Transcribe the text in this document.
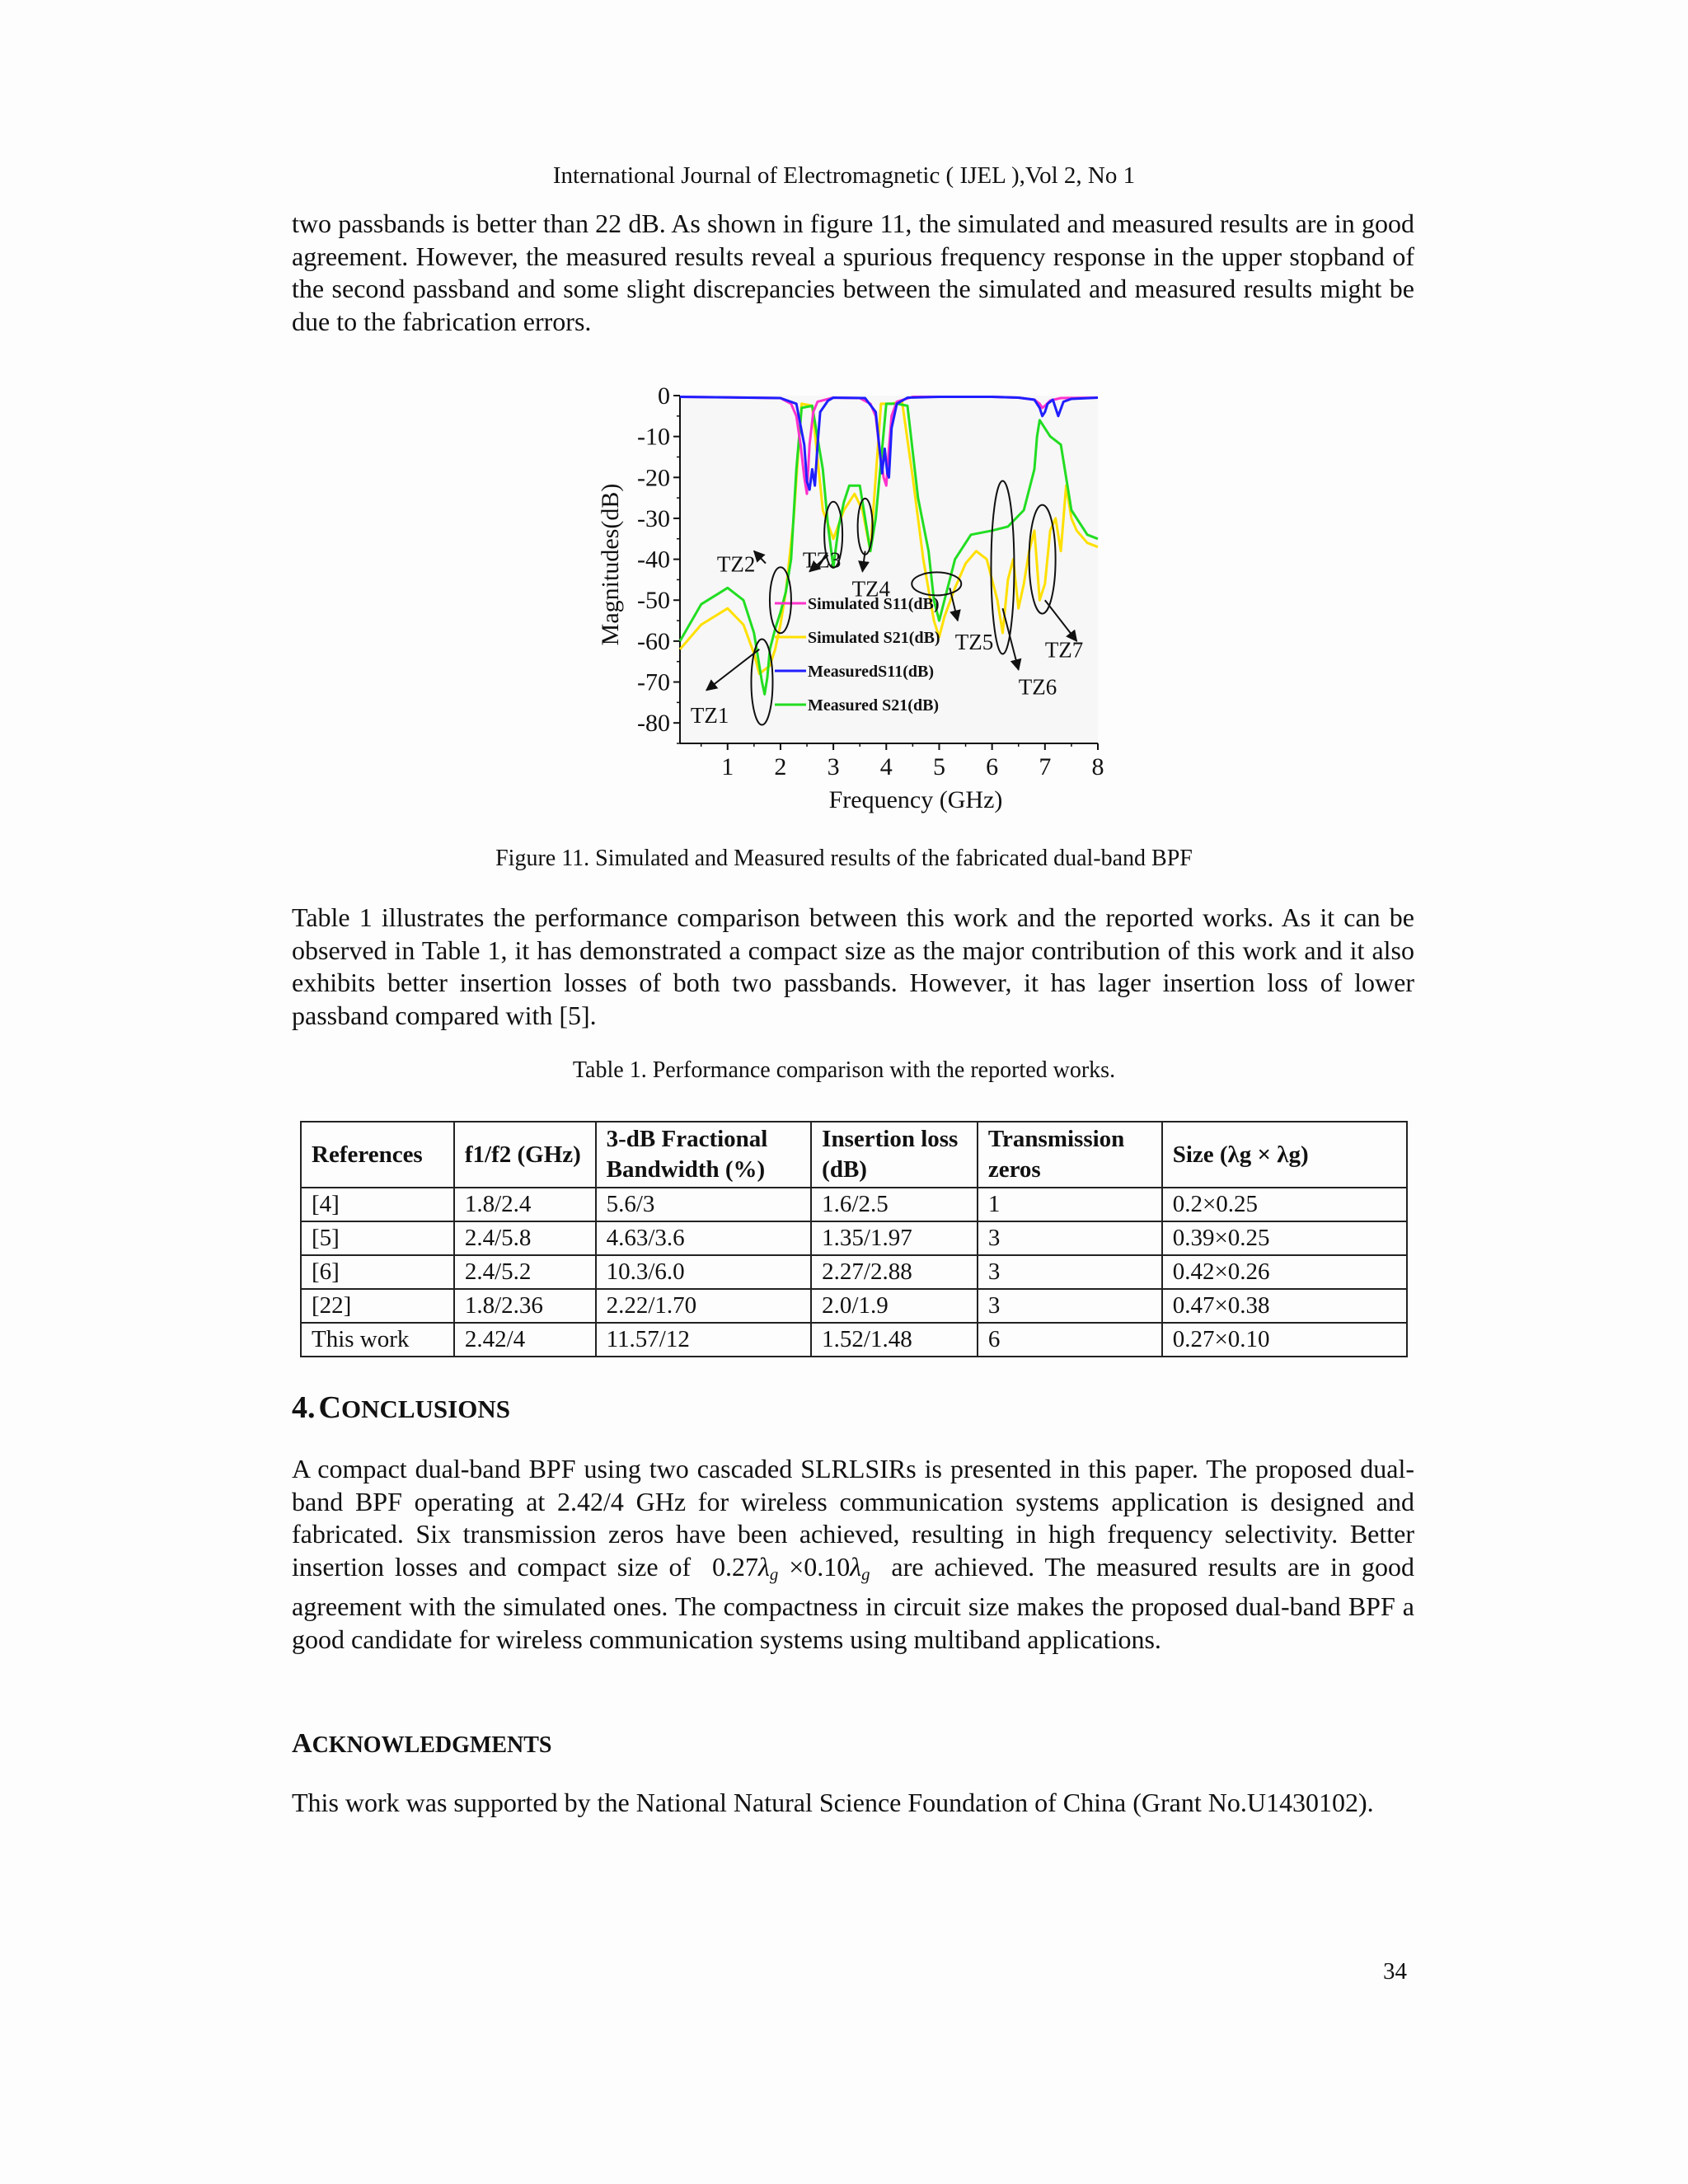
International Journal of Electromagnetic ( IJEL ),Vol 2, No 1

two passbands is better than 22 dB. As shown in figure 11, the simulated and measured results are in good agreement. However, the measured results reveal a spurious frequency response in the upper stopband of the second passband and some slight discrepancies between the simulated and measured results might be due to the fabrication errors.

0
-10
-20
-30
-40
-50
-60
-70
-80
1 2 3 4 5 6 7 8
Simulated S11(dB)
Simulated S21(dB)
MeasuredS11(dB)
Measured S21(dB)
TZ1
TZ2 TZ3
TZ4
TZ5
TZ6
TZ7
Magnitudes(dB)
Frequency (GHz)
Figure 11. Simulated and Measured results of the fabricated dual-band BPF

Table 1 illustrates the performance comparison between this work and the reported works. As it can be observed in Table 1, it has demonstrated a compact size as the major contribution of this work and it also exhibits better insertion losses of both two passbands. However, it has lager insertion loss of lower passband compared with [5].

Table 1. Performance comparison with the reported works.
References	f1/f2 (GHz)	3-dB Fractional Bandwidth (%)	Insertion loss (dB)	Transmission zeros	Size (λg × λg)
[4]	1.8/2.4	5.6/3	1.6/2.5	1	0.2×0.25
[5]	2.4/5.8	4.63/3.6	1.35/1.97	3	0.39×0.25
[6]	2.4/5.2	10.3/6.0	2.27/2.88	3	0.42×0.26
[22]	1.8/2.36	2.22/1.70	2.0/1.9	3	0.47×0.38
This work	2.42/4	11.57/12	1.52/1.48	6	0.27×0.10
4. CONCLUSIONS
A compact dual-band BPF using two cascaded SLRLSIRs is presented in this paper. The proposed dual-band BPF operating at 2.42/4 GHz for wireless communication systems application is designed and fabricated. Six transmission zeros have been achieved, resulting in high frequency selectivity. Better insertion losses and compact size of $0.27\lambda_g \times 0.10\lambda_g$ are achieved. The measured results are in good agreement with the simulated ones. The compactness in circuit size makes the proposed dual-band BPF a good candidate for wireless communication systems using multiband applications.
ACKNOWLEDGMENTS

This work was supported by the National Natural Science Foundation of China (Grant No.U1430102).

34
